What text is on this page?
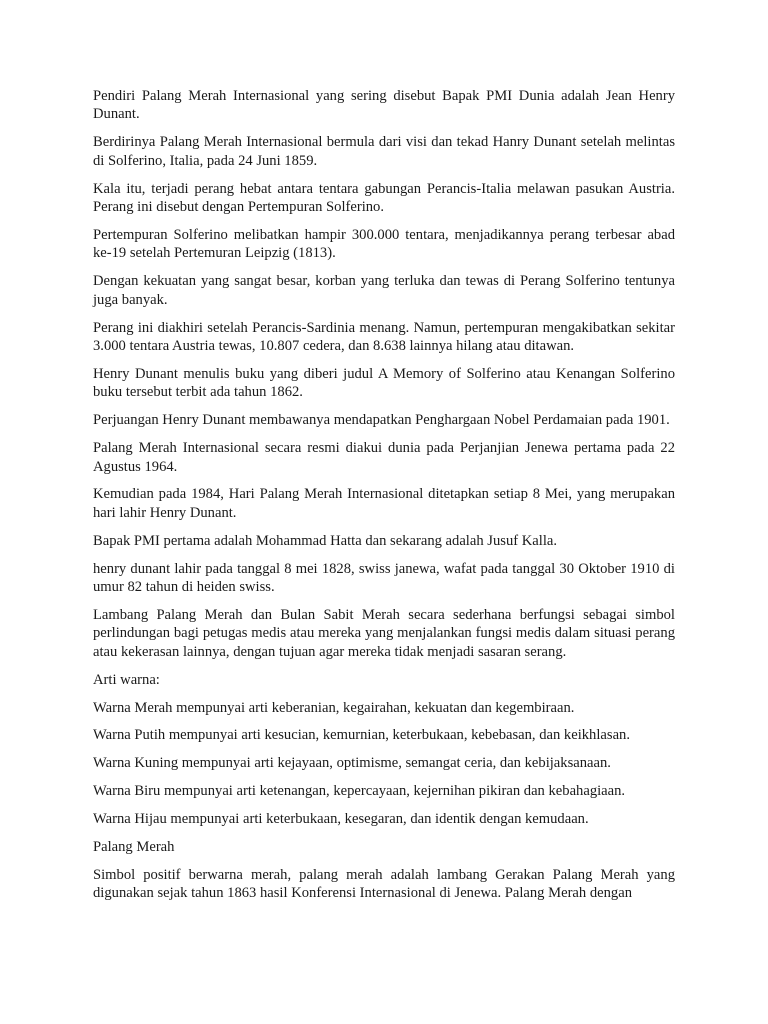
Pendiri Palang Merah Internasional yang sering disebut Bapak PMI Dunia adalah Jean Henry Dunant.

Berdirinya Palang Merah Internasional bermula dari visi dan tekad Hanry Dunant setelah melintas di Solferino, Italia, pada 24 Juni 1859.

Kala itu, terjadi perang hebat antara tentara gabungan Perancis-Italia melawan pasukan Austria. Perang ini disebut dengan Pertempuran Solferino.

Pertempuran Solferino melibatkan hampir 300.000 tentara, menjadikannya perang terbesar abad ke-19 setelah Pertemuran Leipzig (1813).

Dengan kekuatan yang sangat besar, korban yang terluka dan tewas di Perang Solferino tentunya juga banyak.

Perang ini diakhiri setelah Perancis-Sardinia menang. Namun, pertempuran mengakibatkan sekitar 3.000 tentara Austria tewas, 10.807 cedera, dan 8.638 lainnya hilang atau ditawan.

Henry Dunant menulis buku yang diberi judul A Memory of Solferino atau Kenangan Solferino buku tersebut terbit ada tahun 1862.

Perjuangan Henry Dunant membawanya mendapatkan Penghargaan Nobel Perdamaian pada 1901.

Palang Merah Internasional secara resmi diakui dunia pada Perjanjian Jenewa pertama pada 22 Agustus 1964.

Kemudian pada 1984, Hari Palang Merah Internasional ditetapkan setiap 8 Mei, yang merupakan hari lahir Henry Dunant.

Bapak PMI pertama adalah Mohammad Hatta dan sekarang adalah Jusuf Kalla.

henry dunant lahir pada tanggal 8 mei 1828, swiss janewa, wafat pada tanggal 30 Oktober 1910 di umur 82 tahun di heiden swiss.

Lambang Palang Merah dan Bulan Sabit Merah secara sederhana berfungsi sebagai simbol perlindungan bagi petugas medis atau mereka yang menjalankan fungsi medis dalam situasi perang atau kekerasan lainnya, dengan tujuan agar mereka tidak menjadi sasaran serang.

Arti warna:

Warna Merah mempunyai arti keberanian, kegairahan, kekuatan dan kegembiraan.

Warna Putih mempunyai arti kesucian, kemurnian, keterbukaan, kebebasan, dan keikhlasan.

Warna Kuning mempunyai arti kejayaan, optimisme, semangat ceria, dan kebijaksanaan.

Warna Biru mempunyai arti ketenangan, kepercayaan, kejernihan pikiran dan kebahagiaan.

Warna Hijau mempunyai arti keterbukaan, kesegaran, dan identik dengan kemudaan.

Palang Merah

Simbol positif berwarna merah, palang merah adalah lambang Gerakan Palang Merah yang digunakan sejak tahun 1863 hasil Konferensi Internasional di Jenewa. Palang Merah dengan
